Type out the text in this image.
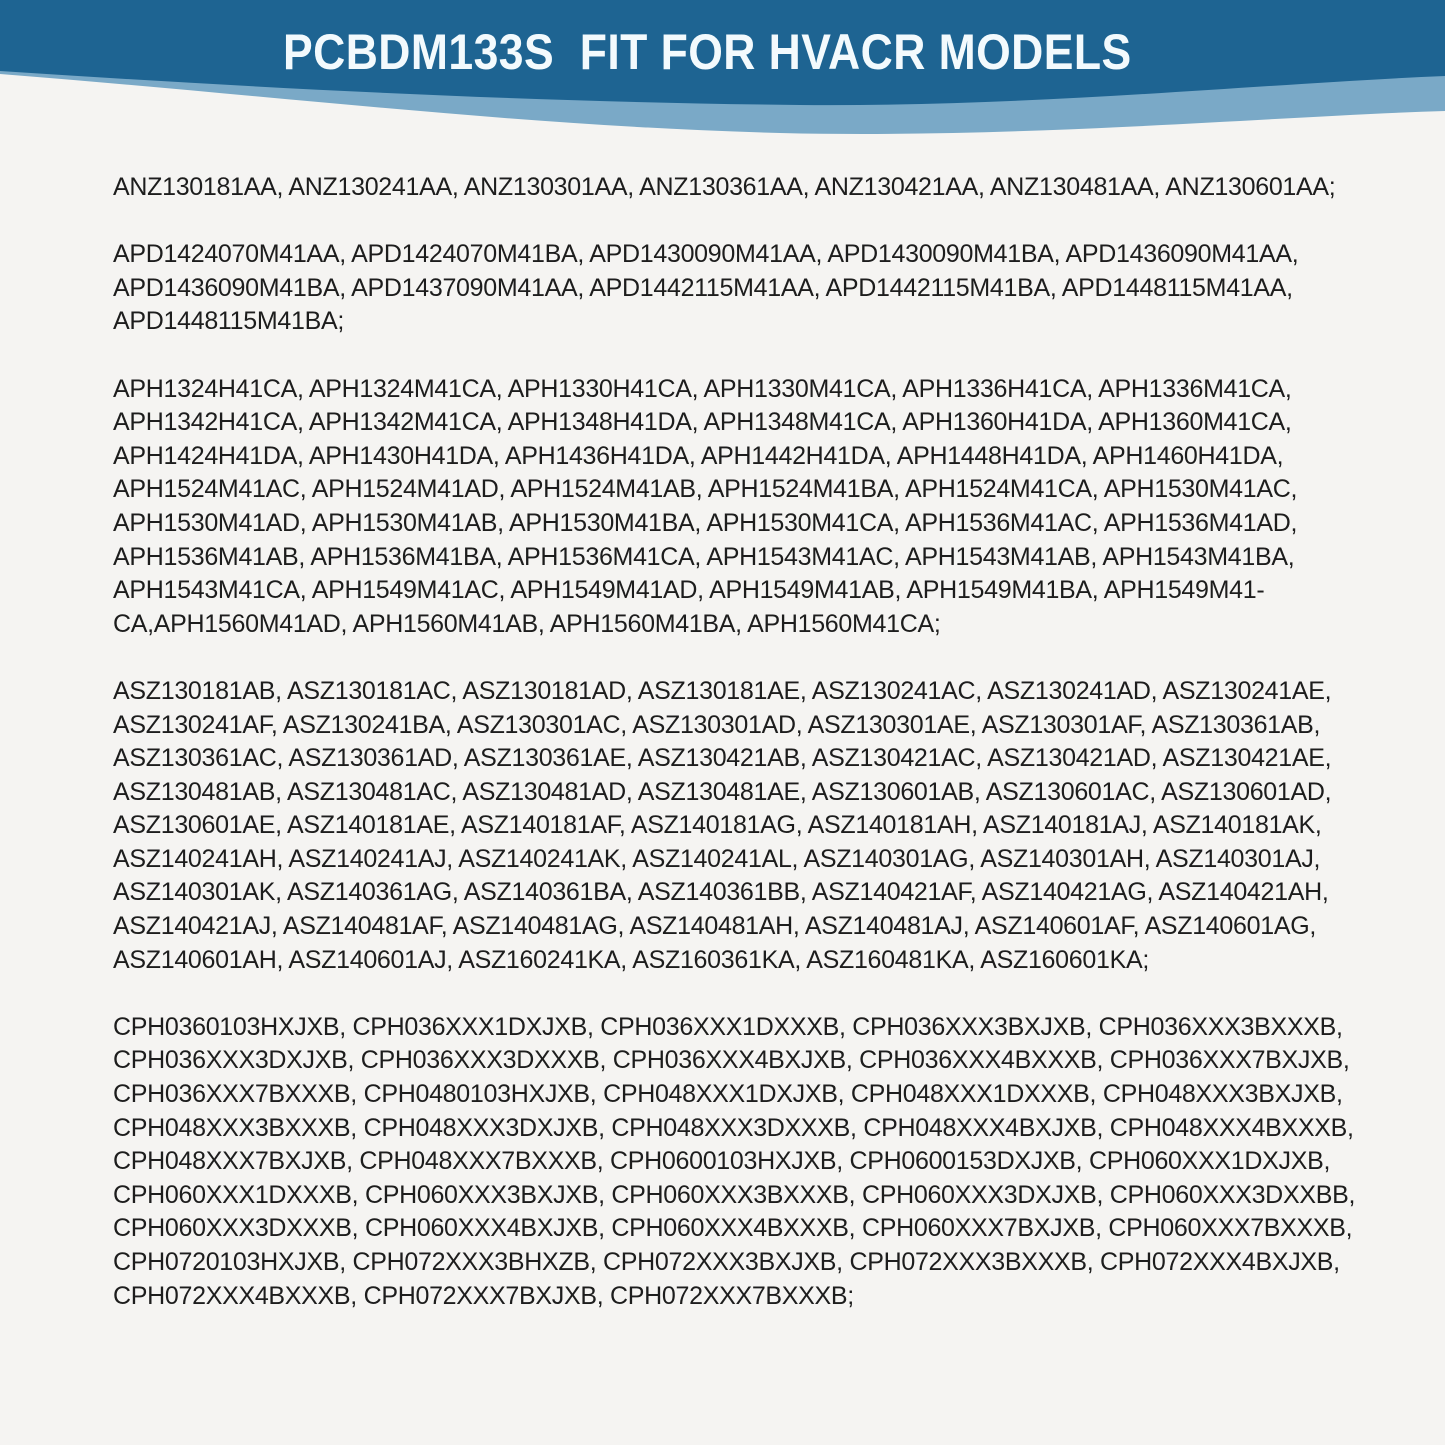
PCBDM133S  FIT FOR HVACR MODELS
ANZ130181AA, ANZ130241AA, ANZ130301AA, ANZ130361AA, ANZ130421AA, ANZ130481AA, ANZ130601AA;
APD1424070M41AA, APD1424070M41BA, APD1430090M41AA, APD1430090M41BA, APD1436090M41AA,
APD1436090M41BA, APD1437090M41AA, APD1442115M41AA, APD1442115M41BA, APD1448115M41AA,
APD1448115M41BA;
APH1324H41CA, APH1324M41CA, APH1330H41CA, APH1330M41CA, APH1336H41CA, APH1336M41CA,
APH1342H41CA, APH1342M41CA, APH1348H41DA, APH1348M41CA, APH1360H41DA, APH1360M41CA,
APH1424H41DA, APH1430H41DA, APH1436H41DA, APH1442H41DA, APH1448H41DA, APH1460H41DA,
APH1524M41AC, APH1524M41AD, APH1524M41AB, APH1524M41BA, APH1524M41CA, APH1530M41AC,
APH1530M41AD, APH1530M41AB, APH1530M41BA, APH1530M41CA, APH1536M41AC, APH1536M41AD,
APH1536M41AB, APH1536M41BA, APH1536M41CA, APH1543M41AC, APH1543M41AB, APH1543M41BA,
APH1543M41CA, APH1549M41AC, APH1549M41AD, APH1549M41AB, APH1549M41BA, APH1549M41-
CA,APH1560M41AD, APH1560M41AB, APH1560M41BA, APH1560M41CA;
ASZ130181AB, ASZ130181AC, ASZ130181AD, ASZ130181AE, ASZ130241AC, ASZ130241AD, ASZ130241AE,
ASZ130241AF, ASZ130241BA, ASZ130301AC, ASZ130301AD, ASZ130301AE, ASZ130301AF, ASZ130361AB,
ASZ130361AC, ASZ130361AD, ASZ130361AE, ASZ130421AB, ASZ130421AC, ASZ130421AD, ASZ130421AE,
ASZ130481AB, ASZ130481AC, ASZ130481AD, ASZ130481AE, ASZ130601AB, ASZ130601AC, ASZ130601AD,
ASZ130601AE, ASZ140181AE, ASZ140181AF, ASZ140181AG, ASZ140181AH, ASZ140181AJ, ASZ140181AK,
ASZ140241AH, ASZ140241AJ, ASZ140241AK, ASZ140241AL, ASZ140301AG, ASZ140301AH, ASZ140301AJ,
ASZ140301AK, ASZ140361AG, ASZ140361BA, ASZ140361BB, ASZ140421AF, ASZ140421AG, ASZ140421AH,
ASZ140421AJ, ASZ140481AF, ASZ140481AG, ASZ140481AH, ASZ140481AJ, ASZ140601AF, ASZ140601AG,
ASZ140601AH, ASZ140601AJ, ASZ160241KA, ASZ160361KA, ASZ160481KA, ASZ160601KA;
CPH0360103HXJXB, CPH036XXX1DXJXB, CPH036XXX1DXXXB, CPH036XXX3BXJXB, CPH036XXX3BXXXB,
CPH036XXX3DXJXB, CPH036XXX3DXXXB, CPH036XXX4BXJXB, CPH036XXX4BXXXB, CPH036XXX7BXJXB,
CPH036XXX7BXXXB, CPH0480103HXJXB, CPH048XXX1DXJXB, CPH048XXX1DXXXB, CPH048XXX3BXJXB,
CPH048XXX3BXXXB, CPH048XXX3DXJXB, CPH048XXX3DXXXB, CPH048XXX4BXJXB, CPH048XXX4BXXXB,
CPH048XXX7BXJXB, CPH048XXX7BXXXB, CPH0600103HXJXB, CPH0600153DXJXB, CPH060XXX1DXJXB,
CPH060XXX1DXXXB, CPH060XXX3BXJXB, CPH060XXX3BXXXB, CPH060XXX3DXJXB, CPH060XXX3DXXBB,
CPH060XXX3DXXXB, CPH060XXX4BXJXB, CPH060XXX4BXXXB, CPH060XXX7BXJXB, CPH060XXX7BXXXB,
CPH0720103HXJXB, CPH072XXX3BHXZB, CPH072XXX3BXJXB, CPH072XXX3BXXXB, CPH072XXX4BXJXB,
CPH072XXX4BXXXB, CPH072XXX7BXJXB, CPH072XXX7BXXXB;
